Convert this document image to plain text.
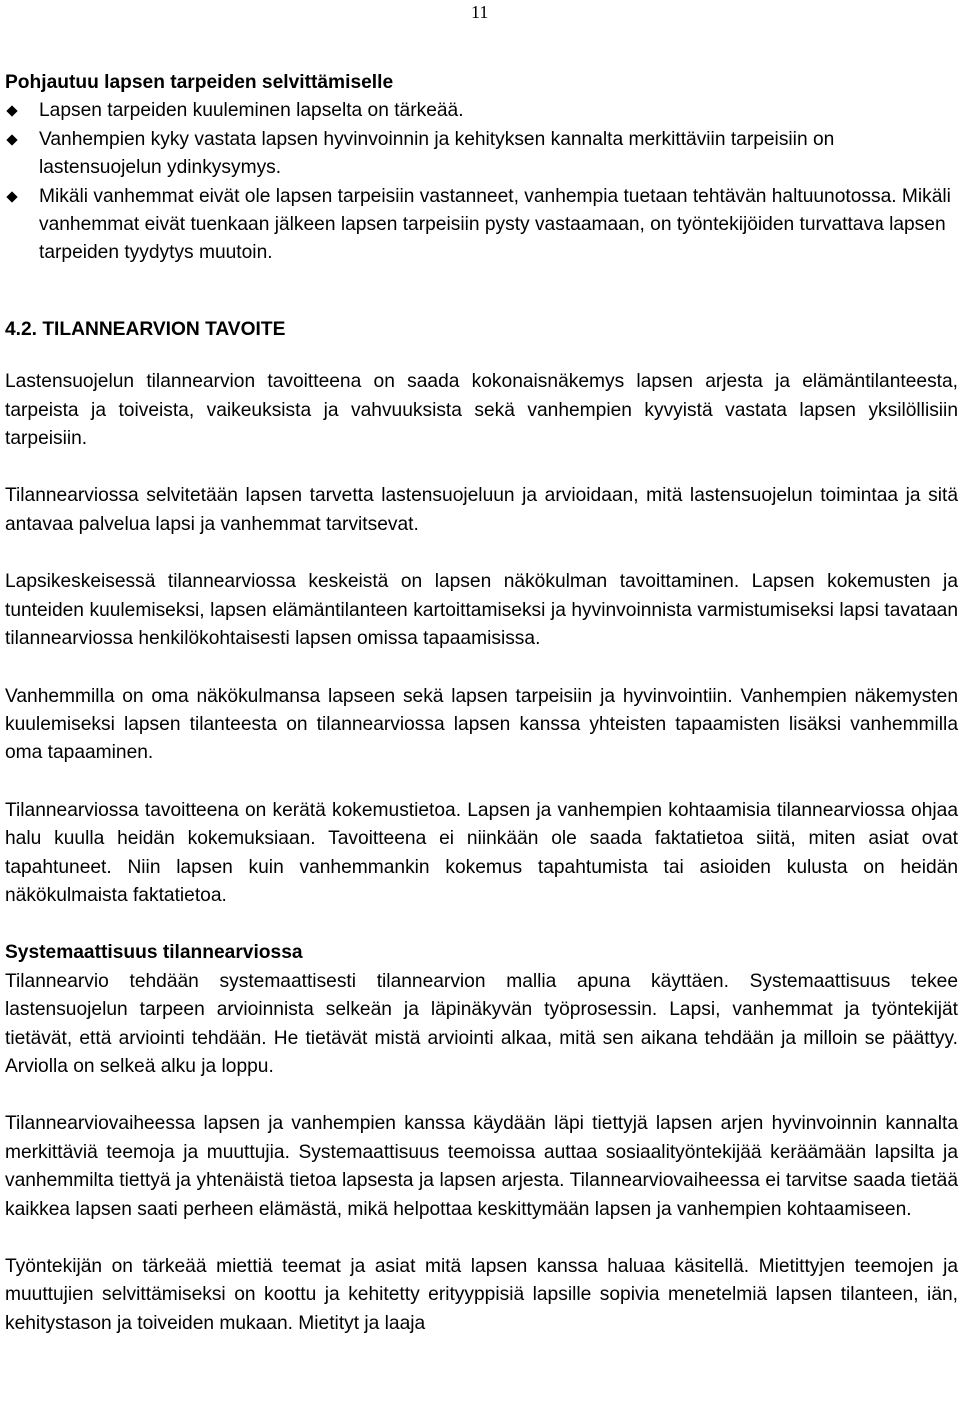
11
Pohjautuu lapsen tarpeiden selvittämiselle
Lapsen tarpeiden kuuleminen lapselta on tärkeää.
Vanhempien kyky vastata lapsen hyvinvoinnin ja kehityksen kannalta merkittäviin tarpeisiin on lastensuojelun ydinkysymys.
Mikäli vanhemmat eivät ole lapsen tarpeisiin vastanneet, vanhempia tuetaan tehtävän haltuunotossa. Mikäli vanhemmat eivät tuenkaan jälkeen lapsen tarpeisiin pysty vastaamaan, on työntekijöiden turvattava lapsen tarpeiden tyydytys muutoin.
4.2. TILANNEARVION TAVOITE

Lastensuojelun tilannearvion tavoitteena on saada kokonaisnäkemys lapsen arjesta ja elämäntilanteesta, tarpeista ja toiveista, vaikeuksista ja vahvuuksista sekä vanhempien kyvyistä vastata lapsen yksilöllisiin tarpeisiin.

Tilannearviossa selvitetään lapsen tarvetta lastensuojeluun ja arvioidaan, mitä lastensuojelun toimintaa ja sitä antavaa palvelua lapsi ja vanhemmat tarvitsevat.

Lapsikeskeisessä tilannearviossa keskeistä on lapsen näkökulman tavoittaminen. Lapsen kokemusten ja tunteiden kuulemiseksi, lapsen elämäntilanteen kartoittamiseksi ja hyvinvoinnista varmistumiseksi lapsi tavataan tilannearviossa henkilökohtaisesti lapsen omissa tapaamisissa.

Vanhemmilla on oma näkökulmansa lapseen sekä lapsen tarpeisiin ja hyvinvointiin. Vanhempien näkemysten kuulemiseksi lapsen tilanteesta on tilannearviossa lapsen kanssa yhteisten tapaamisten lisäksi vanhemmilla oma tapaaminen.

Tilannearviossa tavoitteena on kerätä kokemustietoa. Lapsen ja vanhempien kohtaamisia tilannearviossa ohjaa halu kuulla heidän kokemuksiaan. Tavoitteena ei niinkään ole saada faktatietoa siitä, miten asiat ovat tapahtuneet. Niin lapsen kuin vanhemmankin kokemus tapahtumista tai asioiden kulusta on heidän näkökulmaista faktatietoa.

Systemaattisuus tilannearviossa

Tilannearvio tehdään systemaattisesti tilannearvion mallia apuna käyttäen. Systemaattisuus tekee lastensuojelun tarpeen arvioinnista selkeän ja läpinäkyvän työprosessin. Lapsi, vanhemmat ja työntekijät tietävät, että arviointi tehdään. He tietävät mistä arviointi alkaa, mitä sen aikana tehdään ja milloin se päättyy. Arviolla on selkeä alku ja loppu.

Tilannearviovaiheessa lapsen ja vanhempien kanssa käydään läpi tiettyjä lapsen arjen hyvinvoinnin kannalta merkittäviä teemoja ja muuttujia. Systemaattisuus teemoissa auttaa sosiaalityöntekijää keräämään lapsilta ja vanhemmilta tiettyä ja yhtenäistä tietoa lapsesta ja lapsen arjesta. Tilannearviovaiheessa ei tarvitse saada tietää kaikkea lapsen saati perheen elämästä, mikä helpottaa keskittymään lapsen ja vanhempien kohtaamiseen.

Työntekijän on tärkeää miettiä teemat ja asiat mitä lapsen kanssa haluaa käsitellä. Mietittyjen teemojen ja muuttujien selvittämiseksi on koottu ja kehitetty erityyppisiä lapsille sopivia menetelmiä lapsen tilanteen, iän, kehitystason ja toiveiden mukaan. Mietityt ja laaja
